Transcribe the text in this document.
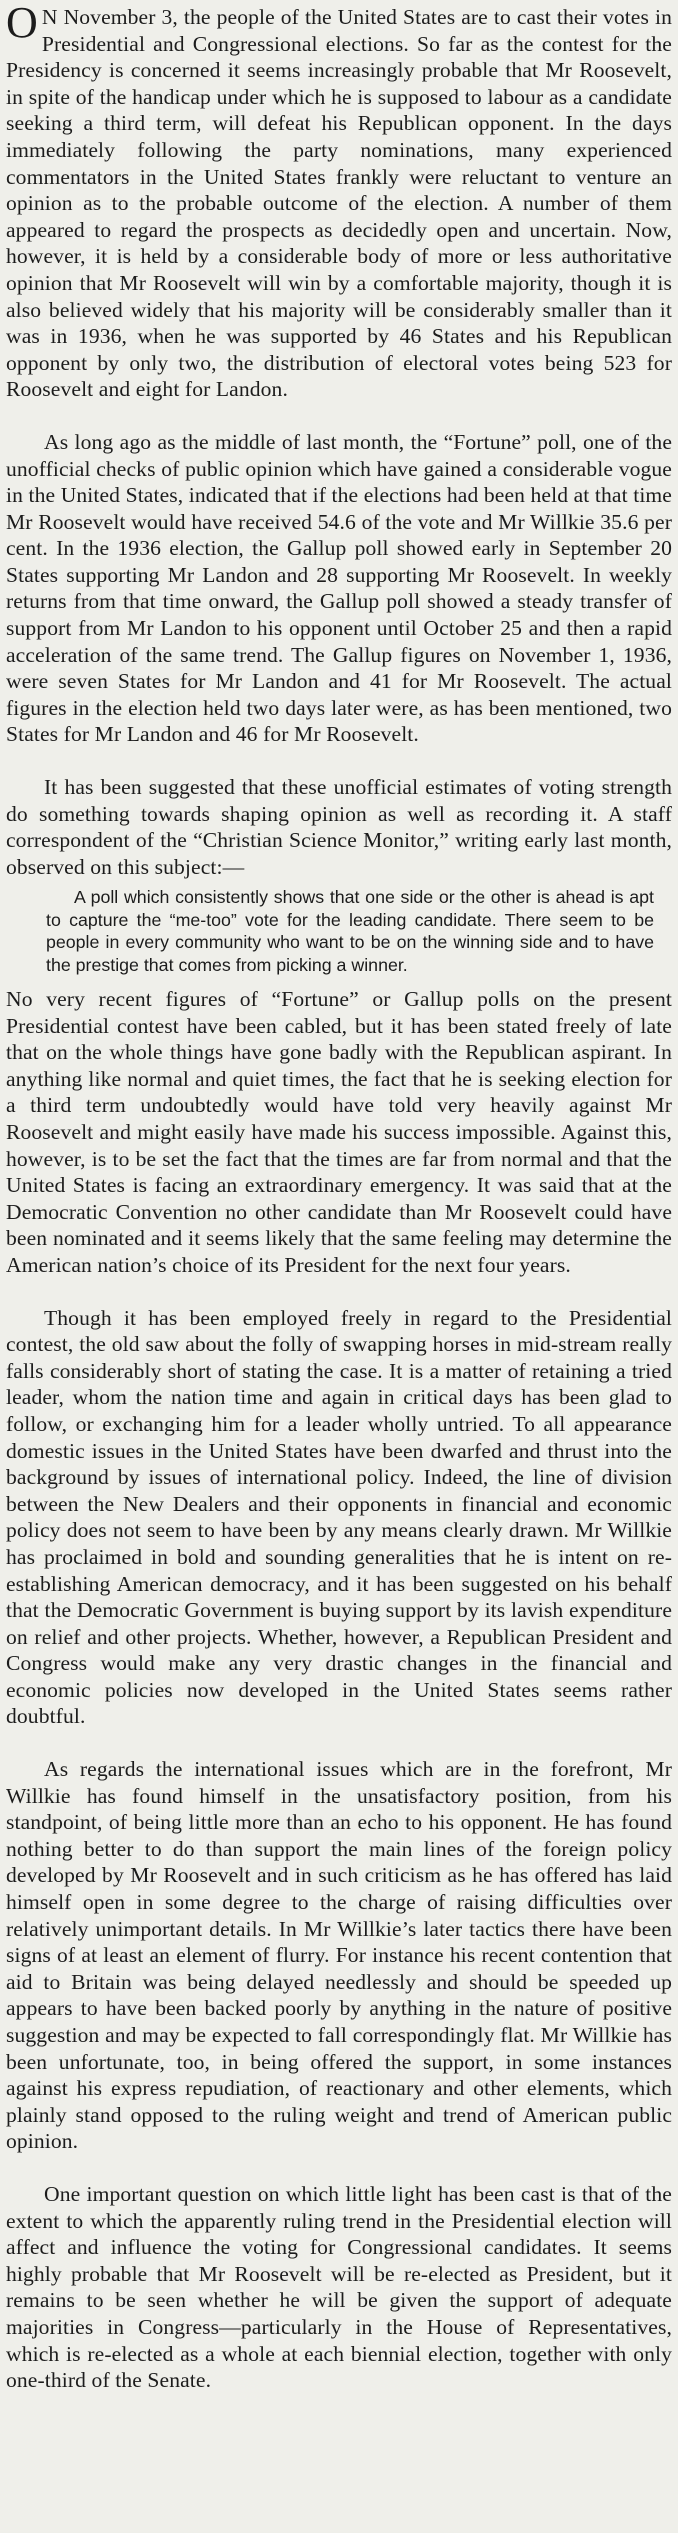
O N November 3, the people of the United States are to cast their votes in Presidential and Congressional elections. So far as the contest for the Presidency is concerned it seems increasingly probable that Mr Roosevelt, in spite of the handicap under which he is supposed to labour as a candidate seeking a third term, will defeat his Republican opponent. In the days immediately following the party nominations, many experienced commentators in the United States frankly were reluctant to venture an opinion as to the probable outcome of the election. A number of them appeared to regard the prospects as decidedly open and uncertain. Now, however, it is held by a considerable body of more or less authoritative opinion that Mr Roosevelt will win by a comfortable majority, though it is also believed widely that his majority will be considerably smaller than it was in 1936, when he was supported by 46 States and his Republican opponent by only two, the distribution of electoral votes being 523 for Roosevelt and eight for Landon.

As long ago as the middle of last month, the “Fortune” poll, one of the unofficial checks of public opinion which have gained a considerable vogue in the United States, indicated that if the elections had been held at that time Mr Roosevelt would have received 54.6 of the vote and Mr Willkie 35.6 per cent. In the 1936 election, the Gallup poll showed early in September 20 States supporting Mr Landon and 28 supporting Mr Roosevelt. In weekly returns from that time onward, the Gallup poll showed a steady transfer of support from Mr Landon to his opponent until October 25 and then a rapid acceleration of the same trend. The Gallup figures on November 1, 1936, were seven States for Mr Landon and 41 for Mr Roosevelt. The actual figures in the election held two days later were, as has been mentioned, two States for Mr Landon and 46 for Mr Roosevelt.

It has been suggested that these unofficial estimates of voting strength do something towards shaping opinion as well as recording it. A staff correspondent of the “Christian Science Monitor,” writing early last month, observed on this subject:—

A poll which consistently shows that one side or the other is ahead is apt to capture the “me-too” vote for the leading candidate. There seem to be people in every community who want to be on the winning side and to have the prestige that comes from picking a winner.

No very recent figures of “Fortune” or Gallup polls on the present Presidential contest have been cabled, but it has been stated freely of late that on the whole things have gone badly with the Republican aspirant. In anything like normal and quiet times, the fact that he is seeking election for a third term undoubtedly would have told very heavily against Mr Roosevelt and might easily have made his success impossible. Against this, however, is to be set the fact that the times are far from normal and that the United States is facing an extraordinary emergency. It was said that at the Democratic Convention no other candidate than Mr Roosevelt could have been nominated and it seems likely that the same feeling may determine the American nation’s choice of its President for the next four years.

Though it has been employed freely in regard to the Presidential contest, the old saw about the folly of swapping horses in mid-stream really falls considerably short of stating the case. It is a matter of retaining a tried leader, whom the nation time and again in critical days has been glad to follow, or exchanging him for a leader wholly untried. To all appearance domestic issues in the United States have been dwarfed and thrust into the background by issues of international policy. Indeed, the line of division between the New Dealers and their opponents in financial and economic policy does not seem to have been by any means clearly drawn. Mr Willkie has proclaimed in bold and sounding generalities that he is intent on re-establishing American democracy, and it has been suggested on his behalf that the Democratic Government is buying support by its lavish expenditure on relief and other projects. Whether, however, a Republican President and Congress would make any very drastic changes in the financial and economic policies now developed in the United States seems rather doubtful.

As regards the international issues which are in the forefront, Mr Willkie has found himself in the unsatisfactory position, from his standpoint, of being little more than an echo to his opponent. He has found nothing better to do than support the main lines of the foreign policy developed by Mr Roosevelt and in such criticism as he has offered has laid himself open in some degree to the charge of raising difficulties over relatively unimportant details. In Mr Willkie’s later tactics there have been signs of at least an element of flurry. For instance his recent contention that aid to Britain was being delayed needlessly and should be speeded up appears to have been backed poorly by anything in the nature of positive suggestion and may be expected to fall correspondingly flat. Mr Willkie has been unfortunate, too, in being offered the support, in some instances against his express repudiation, of reactionary and other elements, which plainly stand opposed to the ruling weight and trend of American public opinion.

One important question on which little light has been cast is that of the extent to which the apparently ruling trend in the Presidential election will affect and influence the voting for Congressional candidates. It seems highly probable that Mr Roosevelt will be re-elected as President, but it remains to be seen whether he will be given the support of adequate majorities in Congress—particularly in the House of Representatives, which is re-elected as a whole at each biennial election, together with only one-third of the Senate.
